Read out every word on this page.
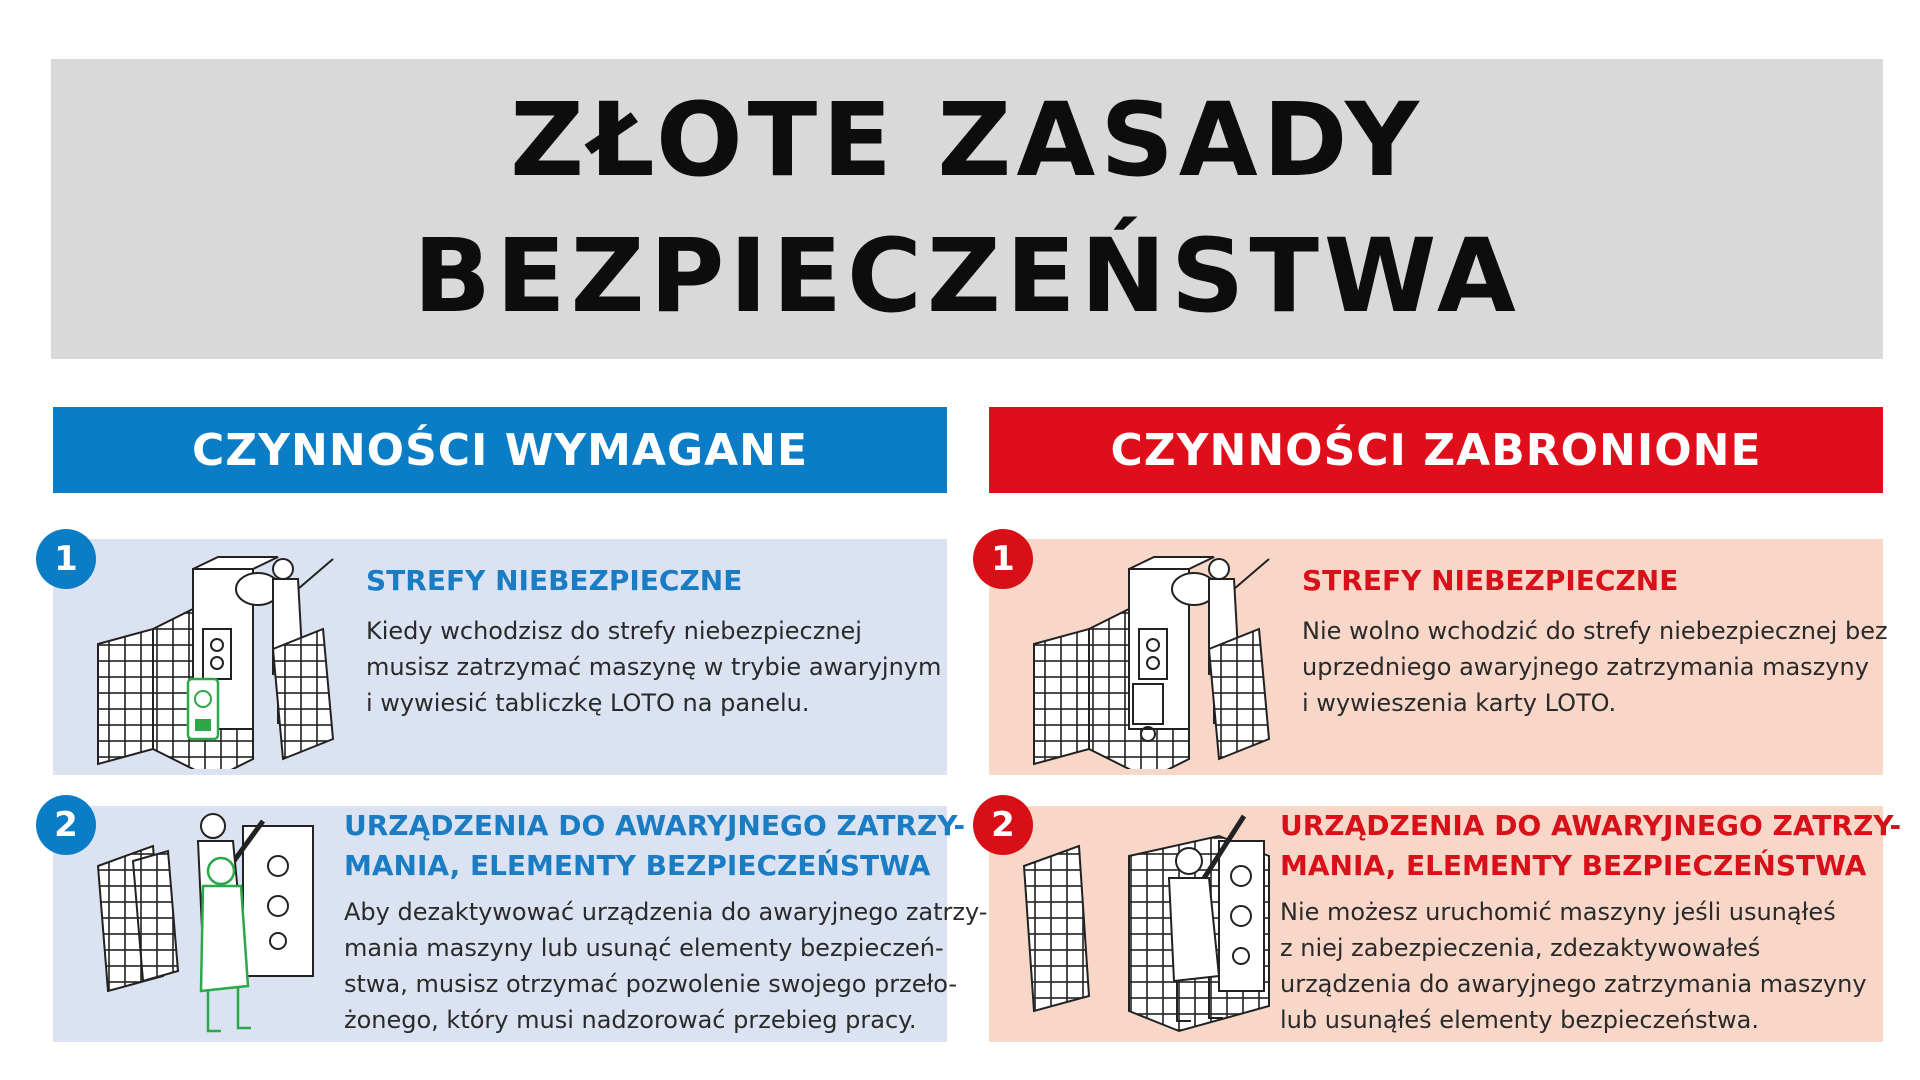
ZŁOTE ZASADY
BEZPIECZEŃSTWA
CZYNNOŚCI WYMAGANE	CZYNNOŚCI ZABRONIONE
STREFY NIEBEZPIECZNE
Kiedy wchodzisz do strefy niebezpiecznej
musisz zatrzymać maszynę w trybie awaryjnym
i wywiesić tabliczkę LOTO na panelu.
1
URZĄDZENIA DO AWARYJNEGO ZATRZY-
MANIA, ELEMENTY BEZPIECZEŃSTWA
Aby dezaktywować urządzenia do awaryjnego zatrzy-
mania maszyny lub usunąć elementy bezpieczeń-
stwa, musisz otrzymać pozwolenie swojego przeło-
żonego, który musi nadzorować przebieg pracy.
2
STREFY NIEBEZPIECZNE
Nie wolno wchodzić do strefy niebezpiecznej bez
uprzedniego awaryjnego zatrzymania maszyny
i wywieszenia karty LOTO.
1
URZĄDZENIA DO AWARYJNEGO ZATRZY-
MANIA, ELEMENTY BEZPIECZEŃSTWA
Nie możesz uruchomić maszyny jeśli usunąłeś
z niej zabezpieczenia, zdezaktywowałeś
urządzenia do awaryjnego zatrzymania maszyny
lub usunąłeś elementy bezpieczeństwa.
2
